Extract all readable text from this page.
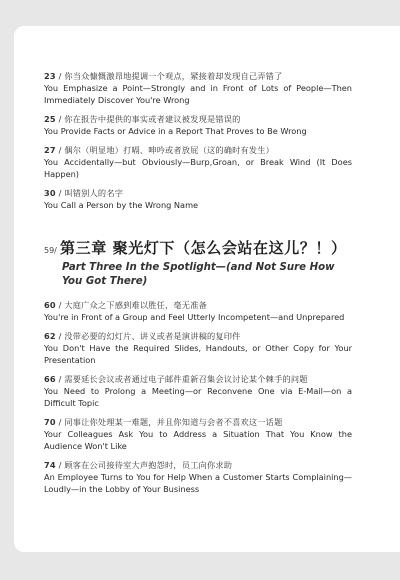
23 / 你当众慷慨激昂地提调一个观点，紧接着却发现自己弄错了
You Emphasize a Point—Strongly and in Front of Lots of People—Then Immediately Discover You're Wrong
25 / 你在报告中提供的事实或者建议被发现是错误的
You Provide Facts or Advice in a Report That Proves to Be Wrong
27 / 偶尔（明显地）打嗝、呻吟或者放屁（这的确时有发生）
You Accidentally—but Obviously—Burp,Groan, or Break Wind (It Does Happen)
30 / 叫错别人的名字
You Call a Person by the Wrong Name
59/ 第三章 聚光灯下（怎么会站在这儿？！）
Part Three In the Spotlight—(and Not Sure How You Got There)
60 / 大庭广众之下感到难以胜任，毫无准备
You're in Front of a Group and Feel Utterly Incompetent—and Unprepared
62 / 没带必要的幻灯片、讲义或者是演讲稿的复印件
You Don't Have the Required Slides, Handouts, or Other Copy for Your Presentation
66 / 需要延长会议或者通过电子邮件重新召集会议讨论某个棘手的问题
You Need to Prolong a Meeting—or Reconvene One via E-Mail—on a Difficult Topic
70 / 同事让你处理某一难题，并且你知道与会者不喜欢这一话题
Your Colleagues Ask You to Address a Situation That You Know the Audience Won't Like
74 / 顾客在公司接待室大声抱怨时，员工向你求助
An Employee Turns to You for Help When a Customer Starts Complaining—Loudly—in the Lobby of Your Business
